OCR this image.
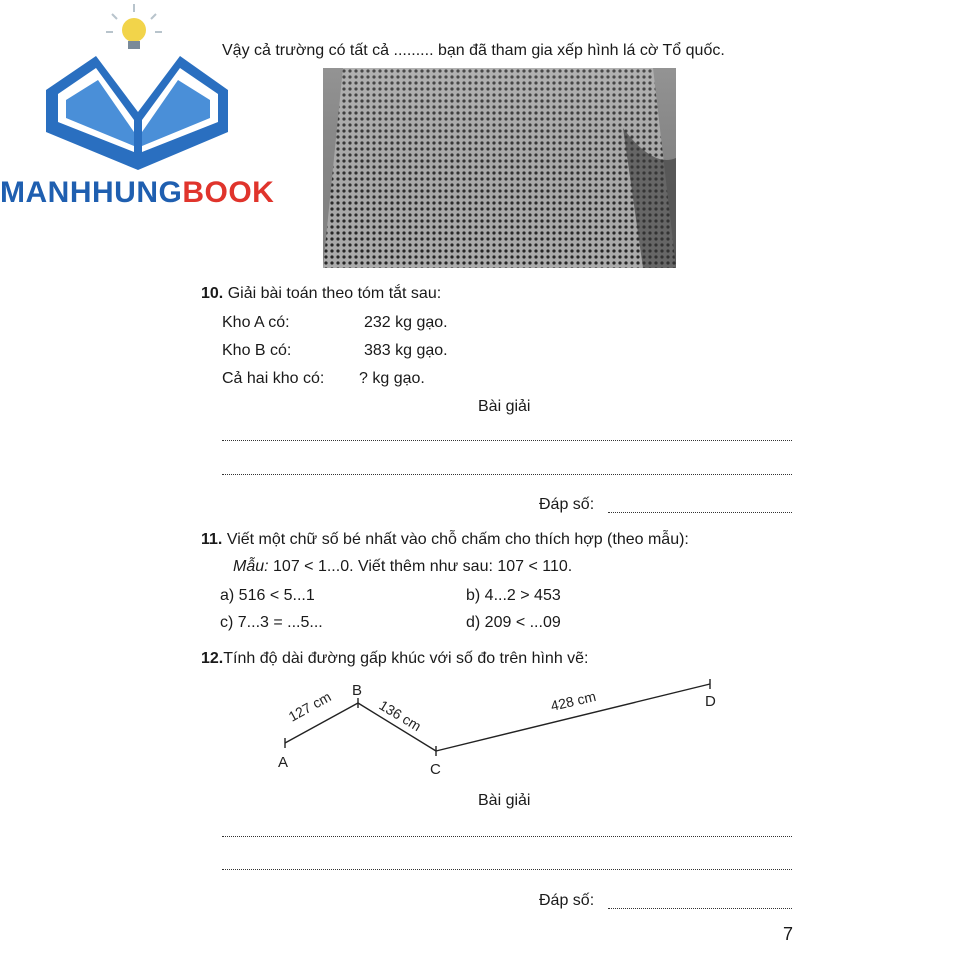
MANHHUNGBOOK
Vậy cả trường có tất cả ......... bạn đã tham gia xếp hình lá cờ Tổ quốc.
10. Giải bài toán theo tóm tắt sau:
Kho A có:	232 kg gạo.
Kho B có:	383 kg gạo.
Cả hai kho có: ? kg gạo.
Bài giải
Đáp số:
11. Viết một chữ số bé nhất vào chỗ chấm cho thích hợp (theo mẫu):
Mẫu: 107 < 1...0. Viết thêm như sau: 107 < 110.
a) 516 < 5...1	b) 4...2 > 453
c) 7...3 = ...5...	d) 209 < ...09
12.Tính độ dài đường gấp khúc với số đo trên hình vẽ:
A
B
C
D
127 cm	136 cm	428 cm
Bài giải
Đáp số:
7
